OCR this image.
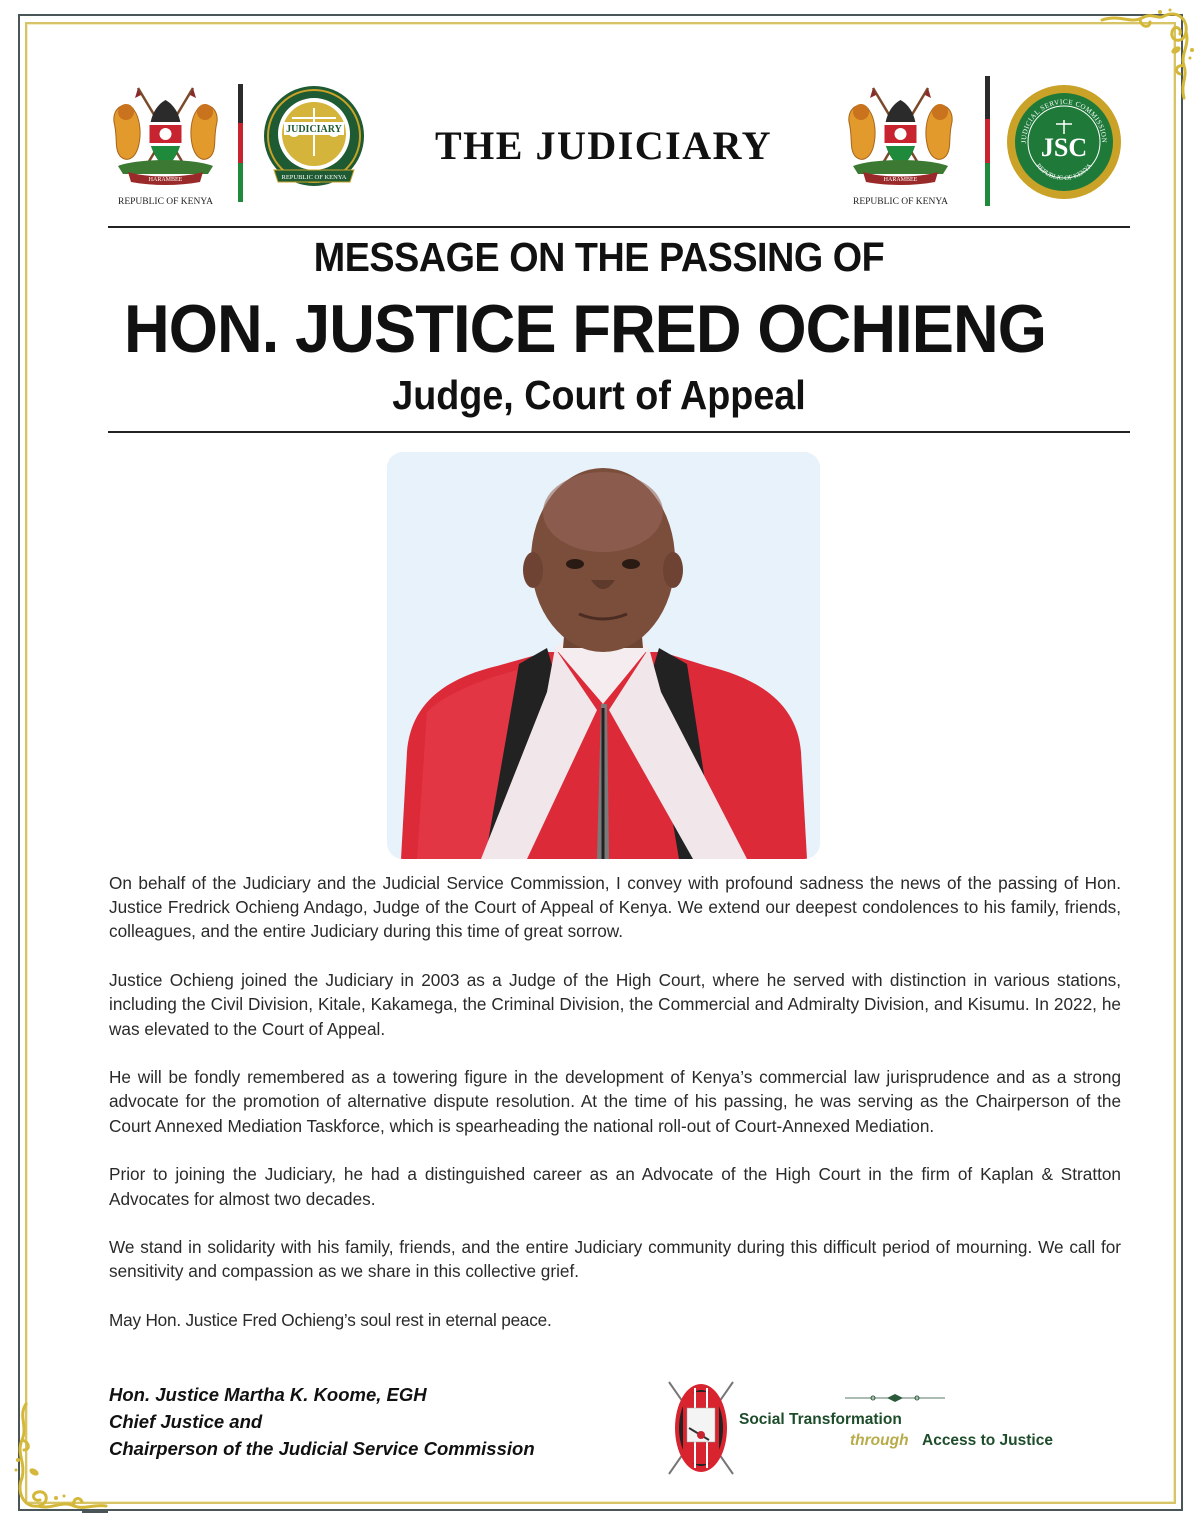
HARAMBEE
REPUBLIC OF KENYA
JUDICIARY
REPUBLIC OF KENYA
THE JUDICIARY
HARAMBEE
REPUBLIC OF KENYA
JUDICIAL SERVICE COMMISSION
REPUBLIC OF KENYA
JSC
MESSAGE ON THE PASSING OF
HON. JUSTICE FRED OCHIENG
Judge, Court of Appeal

On behalf of the Judiciary and the Judicial Service Commission, I convey with profound sadness the news of the passing of Hon. Justice Fredrick Ochieng Andago, Judge of the Court of Appeal of Kenya. We extend our deepest condolences to his family, friends, colleagues, and the entire Judiciary during this time of great sorrow.

Justice Ochieng joined the Judiciary in 2003 as a Judge of the High Court, where he served with distinction in various stations, including the Civil Division, Kitale, Kakamega, the Criminal Division, the Commercial and Admiralty Division, and Kisumu. In 2022, he was elevated to the Court of Appeal.

He will be fondly remembered as a towering figure in the development of Kenya’s commercial law jurisprudence and as a strong advocate for the promotion of alternative dispute resolution. At the time of his passing, he was serving as the Chairperson of the Court Annexed Mediation Taskforce, which is spearheading the national roll-out of Court-Annexed Mediation.

Prior to joining the Judiciary, he had a distinguished career as an Advocate of the High Court in the firm of Kaplan & Stratton Advocates for almost two decades.

We stand in solidarity with his family, friends, and the entire Judiciary community during this difficult period of mourning. We call for sensitivity and compassion as we share in this collective grief.

May Hon. Justice Fred Ochieng’s soul rest in eternal peace.

Hon. Justice Martha K. Koome, EGH
Chief Justice and
Chairperson of the Judicial Service Commission
Social Transformation
through Access to Justice
